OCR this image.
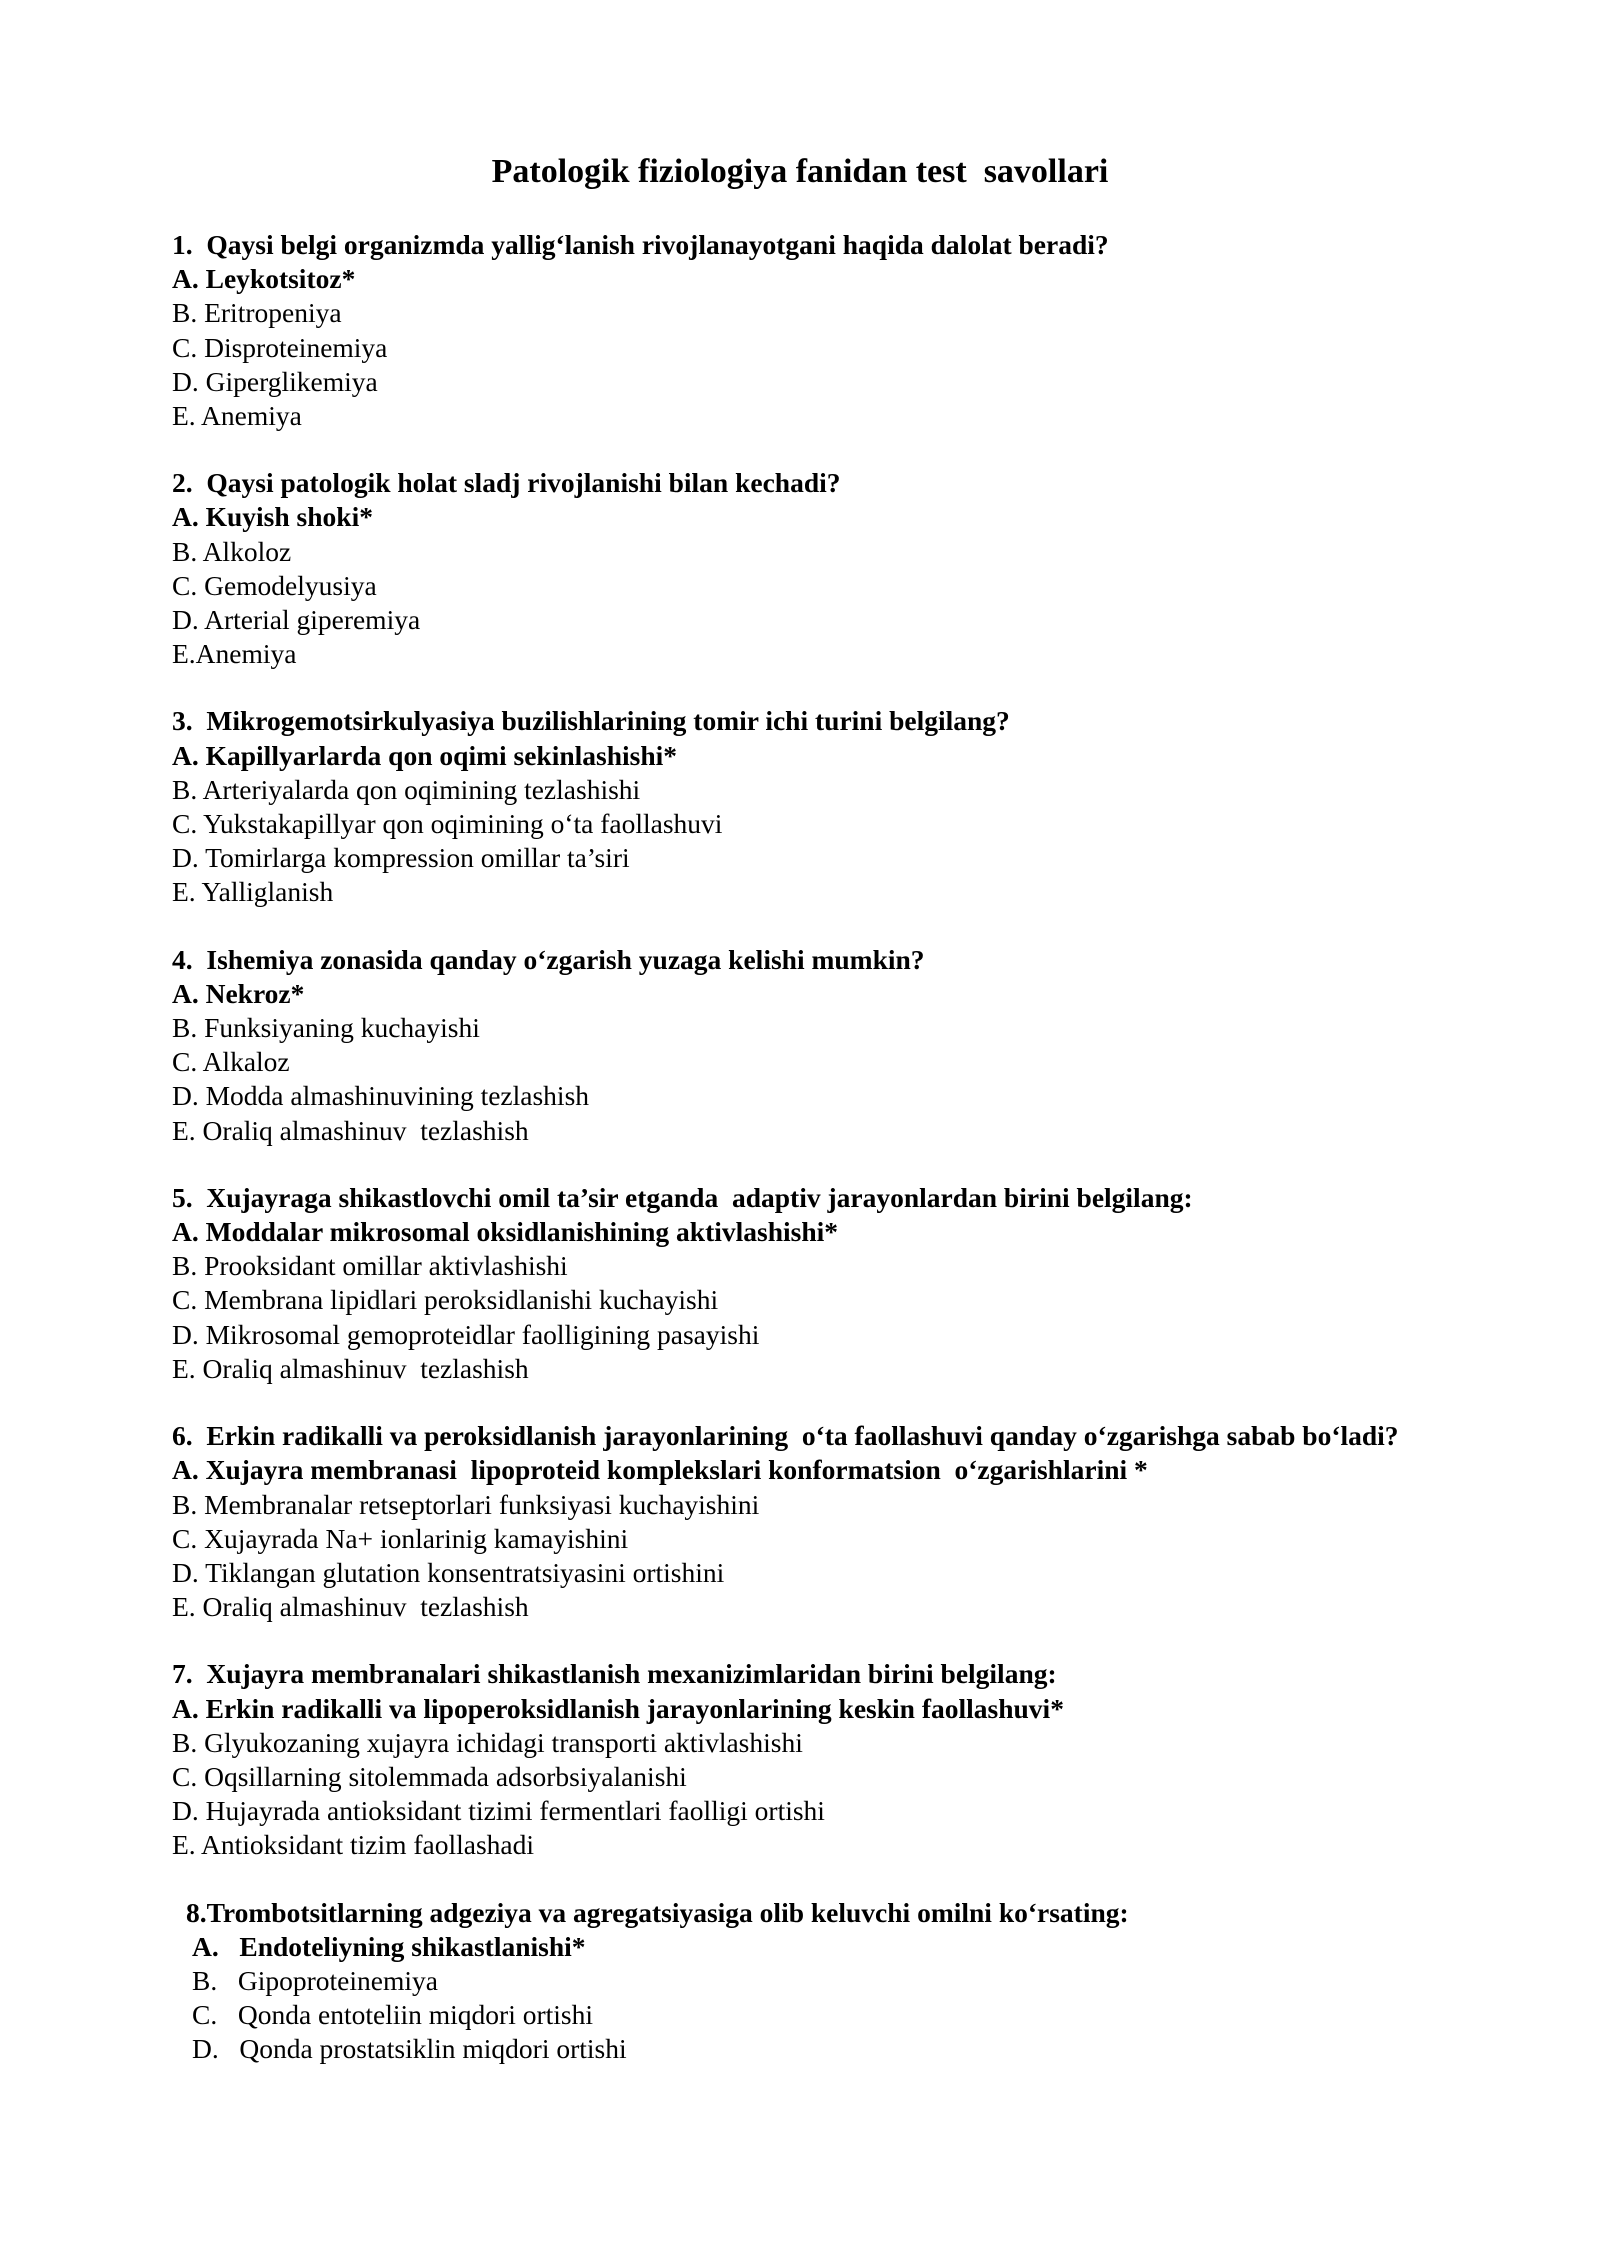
Patologik fiziologiya fanidan test  savollari

1.  Qaysi belgi organizmda yallig‘lanish rivojlanayotgani haqida dalolat beradi?

A. Leykotsitoz*

B. Eritropeniya

C. Disproteinemiya

D. Giperglikemiya

E. Anemiya

2.  Qaysi patologik holat sladj rivojlanishi bilan kechadi?

A. Kuyish shoki*

B. Alkoloz

C. Gemodelyusiya

D. Arterial giperemiya

E.Anemiya

3.  Mikrogemotsirkulyasiya buzilishlarining tomir ichi turini belgilang?

A. Kapillyarlarda qon oqimi sekinlashishi*

B. Arteriyalarda qon oqimining tezlashishi

C. Yukstakapillyar qon oqimining o‘ta faollashuvi

D. Tomirlarga kompression omillar ta’siri

E. Yalliglanish

4.  Ishemiya zonasida qanday o‘zgarish yuzaga kelishi mumkin?

A. Nekroz*

B. Funksiyaning kuchayishi

C. Alkaloz

D. Modda almashinuvining tezlashish

E. Oraliq almashinuv  tezlashish

5.  Xujayraga shikastlovchi omil ta’sir etganda  adaptiv jarayonlardan birini belgilang:

A. Moddalar mikrosomal oksidlanishining aktivlashishi*

B. Prooksidant omillar aktivlashishi

C. Membrana lipidlari peroksidlanishi kuchayishi

D. Mikrosomal gemoproteidlar faolligining pasayishi

E. Oraliq almashinuv  tezlashish

6.  Erkin radikalli va peroksidlanish jarayonlarining  o‘ta faollashuvi qanday o‘zgarishga sabab bo‘ladi?

A. Xujayra membranasi  lipoproteid komplekslari konformatsion  o‘zgarishlarini *

B. Membranalar retseptorlari funksiyasi kuchayishini

C. Xujayrada Na+ ionlarinig kamayishini

D. Tiklangan glutation konsentratsiyasini ortishini

E. Oraliq almashinuv  tezlashish

7.  Xujayra membranalari shikastlanish mexanizimlaridan birini belgilang:

A. Erkin radikalli va lipoperoksidlanish jarayonlarining keskin faollashuvi*

B. Glyukozaning xujayra ichidagi transporti aktivlashishi

C. Oqsillarning sitolemmada adsorbsiyalanishi

D. Hujayrada antioksidant tizimi fermentlari faolligi ortishi

E. Antioksidant tizim faollashadi

8.Trombotsitlarning adgeziya va agregatsiyasiga olib keluvchi omilni ko‘rsating:

A.   Endoteliyning shikastlanishi*

B.   Gipoproteinemiya

C.   Qonda entoteliin miqdori ortishi

D.   Qonda prostatsiklin miqdori ortishi
